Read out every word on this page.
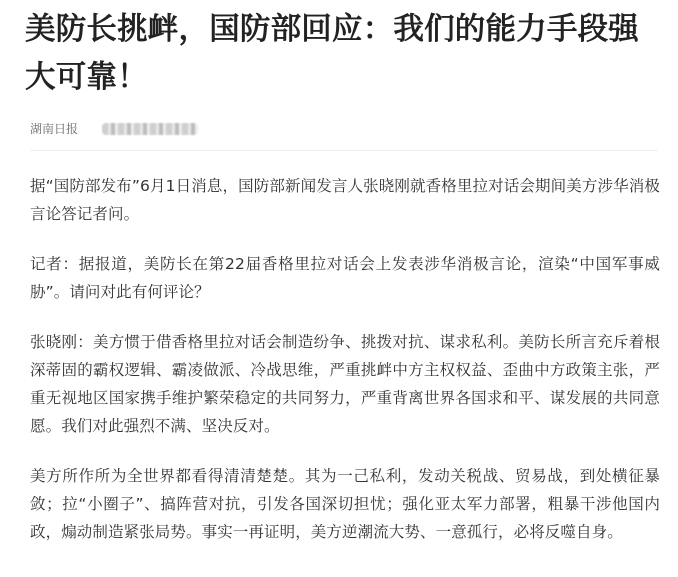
美防长挑衅，国防部回应：我们的能力手段强大可靠！
湖南日报

据“国防部发布”6月1日消息，国防部新闻发言人张晓刚就香格里拉对话会期间美方涉华消极言论答记者问。

记者：据报道，美防长在第22届香格里拉对话会上发表涉华消极言论，渲染“中国军事威胁”。请问对此有何评论？

张晓刚：美方惯于借香格里拉对话会制造纷争、挑拨对抗、谋求私利。美防长所言充斥着根深蒂固的霸权逻辑、霸凌做派、冷战思维，严重挑衅中方主权权益、歪曲中方政策主张，严重无视地区国家携手维护繁荣稳定的共同努力，严重背离世界各国求和平、谋发展的共同意愿。我们对此强烈不满、坚决反对。

美方所作所为全世界都看得清清楚楚。其为一己私利，发动关税战、贸易战，到处横征暴敛；拉“小圈子”、搞阵营对抗，引发各国深切担忧；强化亚太军力部署，粗暴干涉他国内政，煽动制造紧张局势。事实一再证明，美方逆潮流大势、一意孤行，必将反噬自身。
